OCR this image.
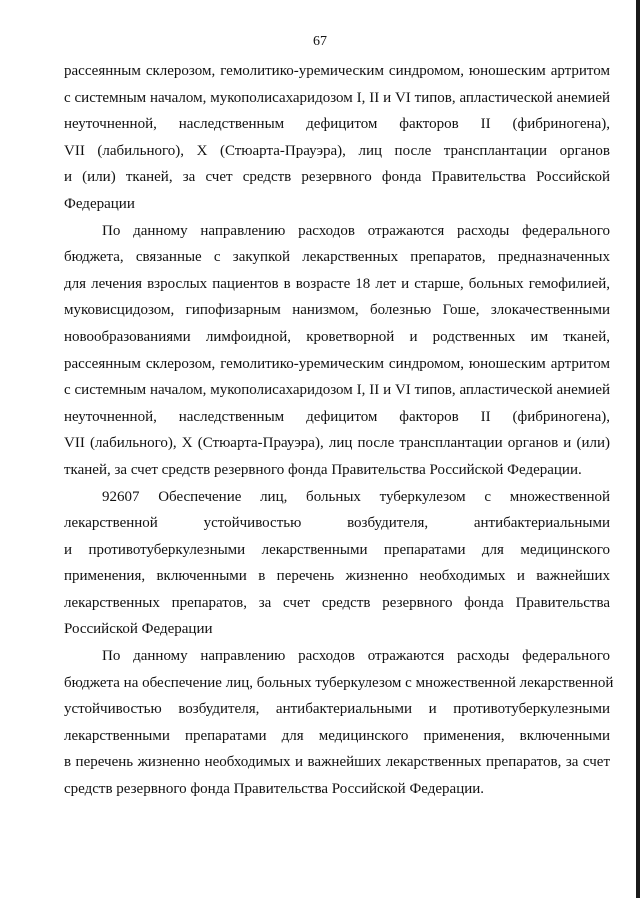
67

рассеянным склерозом, гемолитико-уремическим синдромом, юношеским артритом
с системным началом, мукополисахаридозом I, II и VI типов, апластической анемией
неуточненной, наследственным дефицитом факторов II (фибриногена),
VII (лабильного), X (Стюарта-Прауэра), лиц после трансплантации органов
и (или) тканей, за счет средств резервного фонда Правительства Российской
Федерации

По данному направлению расходов отражаются расходы федерального
бюджета, связанные с закупкой лекарственных препаратов, предназначенных
для лечения взрослых пациентов в возрасте 18 лет и старше, больных гемофилией,
муковисцидозом, гипофизарным нанизмом, болезнью Гоше, злокачественными
новообразованиями лимфоидной, кроветворной и родственных им тканей,
рассеянным склерозом, гемолитико-уремическим синдромом, юношеским артритом
с системным началом, мукополисахаридозом I, II и VI типов, апластической анемией
неуточненной, наследственным дефицитом факторов II (фибриногена),
VII (лабильного), X (Стюарта-Прауэра), лиц после трансплантации органов и (или)
тканей, за счет средств резервного фонда Правительства Российской Федерации.

92607 Обеспечение лиц, больных туберкулезом с множественной
лекарственной устойчивостью возбудителя, антибактериальными
и противотуберкулезными лекарственными препаратами для медицинского
применения, включенными в перечень жизненно необходимых и важнейших
лекарственных препаратов, за счет средств резервного фонда Правительства
Российской Федерации

По данному направлению расходов отражаются расходы федерального
бюджета на обеспечение лиц, больных туберкулезом с множественной лекарственной
устойчивостью возбудителя, антибактериальными и противотуберкулезными
лекарственными препаратами для медицинского применения, включенными
в перечень жизненно необходимых и важнейших лекарственных препаратов, за счет
средств резервного фонда Правительства Российской Федерации.
